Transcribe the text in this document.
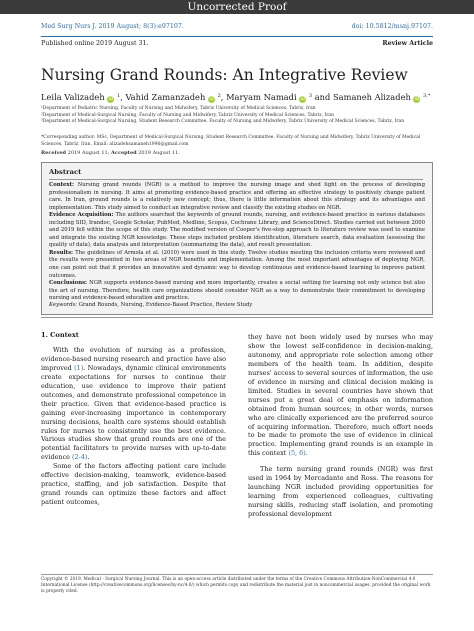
Uncorrected Proof
Med Surg Nurs J. 2019 August; 8(3):e97107.	doi: 10.5812/msnj.97107.
Published online 2019 August 31.	Review Article
Nursing Grand Rounds: An Integrative Review
Leila Valizadeh iD $^1$, Vahid Zamanzadeh iD $^2$, Maryam Namadi iD $^3$ and Samaneh Alizadeh iD $^{3,*}$
¹Department of Pediatric Nursing, Faculty of Nursing and Midwifery, Tabriz University of Medical Sciences, Tabriz, Iran
²Department of Medical-Surgical Nursing, Faculty of Nursing and Midwifery, Tabriz University of Medical Sciences, Tabriz, Iran
³Department of Medical-Surgical Nursing, Student Research Committee, Faculty of Nursing and Midwifery, Tabriz University of Medical Sciences, Tabriz, Iran
*Corresponding author: MSc, Department of Medical-Surgical Nursing, Student Research Committee, Faculty of Nursing and Midwifery, Tabriz University of Medical Sciences, Tabriz, Iran. Email: alizadehsamaneh1996@gmail.com
Received 2019 August 11; Accepted 2019 August 11.
Abstract

Context: Nursing grand rounds (NGR) is a method to improve the nursing image and shed light on the process of developing professionalism in nursing. It aims at promoting evidence-based practice and offering an effective strategy to positively change patient care. In Iran, ground rounds is a relatively new concept; thus, there is little information about this strategy and its advantages and implementation. This study aimed to conduct an integrative review and classify the existing studies on NGR.

Evidence Acquisition: The authors searched the keywords of ground rounds, nursing, and evidence-based practice in various databases including SID, Irandoc, Google Scholar, PubMed, Medline, Scopus, Cochrane Library, and ScienceDirect. Studies carried out between 2000 and 2019 fell within the scope of this study. The modified version of Cooper's five-step approach to literature review was used to examine and integrate the existing NGR knowledge. These steps included problem identification, literature search, data evaluation (assessing the quality of data), data analysis and interpretation (summarizing the data), and result presentation.

Results: The guidelines of Armola et al. (2010) were used in this study. Twelve studies meeting the inclusion criteria were reviewed and the results were presented in two areas of NGR benefits and implementation. Among the most important advantages of deploying NGR, one can point out that it provides an innovative and dynamic way to develop continuous and evidence-based learning to improve patient outcomes.

Conclusions: NGR supports evidence-based nursing and more importantly, creates a social setting for learning not only science but also the art of nursing. Therefore, health care organizations should consider NGR as a way to demonstrate their commitment to developing nursing and evidence-based education and practice.

Keywords: Grand Rounds, Nursing, Evidence-Based Practice, Review Study
1. Context

With the evolution of nursing as a profession, evidence-based nursing research and practice have also improved (1). Nowadays, dynamic clinical environments create expectations for nurses to continue their education, use evidence to improve their patient outcomes, and demonstrate professional competence in their practice. Given that evidence-based practice is gaining ever-increasing importance in contemporary nursing decisions, health care systems should establish rules for nurses to consistently use the best evidence. Various studies show that grand rounds are one of the potential facilitators to provide nurses with up-to-date evidence (2-4).

Some of the factors affecting patient care include effective decision-making, teamwork, evidence-based practice, staffing, and job satisfaction. Despite that grand rounds can optimize these factors and affect patient outcomes,

they have not been widely used by nurses who may show the lowest self-confidence in decision-making, autonomy, and appropriate role selection among other members of the health team. In addition, despite nurses' access to several sources of information, the use of evidence in nursing and clinical decision making is limited. Studies in several countries have shown that nurses put a great deal of emphasis on information obtained from human sources; in other words, nurses who are clinically experienced are the preferred source of acquiring information. Therefore, much effort needs to be made to promote the use of evidence in clinical practice. Implementing grand rounds is an example in this context (5, 6).

The term nursing grand rounds (NGR) was first used in 1964 by Mercadante and Ross. The reasons for launching NGR included providing opportunities for learning from experienced colleagues, cultivating nursing skills, reducing staff isolation, and promoting professional development

Copyright © 2019, Medical - Surgical Nursing Journal. This is an open-access article distributed under the terms of the Creative Commons Attribution-NonCommercial 4.0 International License (http://creativecommons.org/licenses/by-nc/4.0/) which permits copy and redistribute the material just in noncommercial usages, provided the original work is properly cited.
